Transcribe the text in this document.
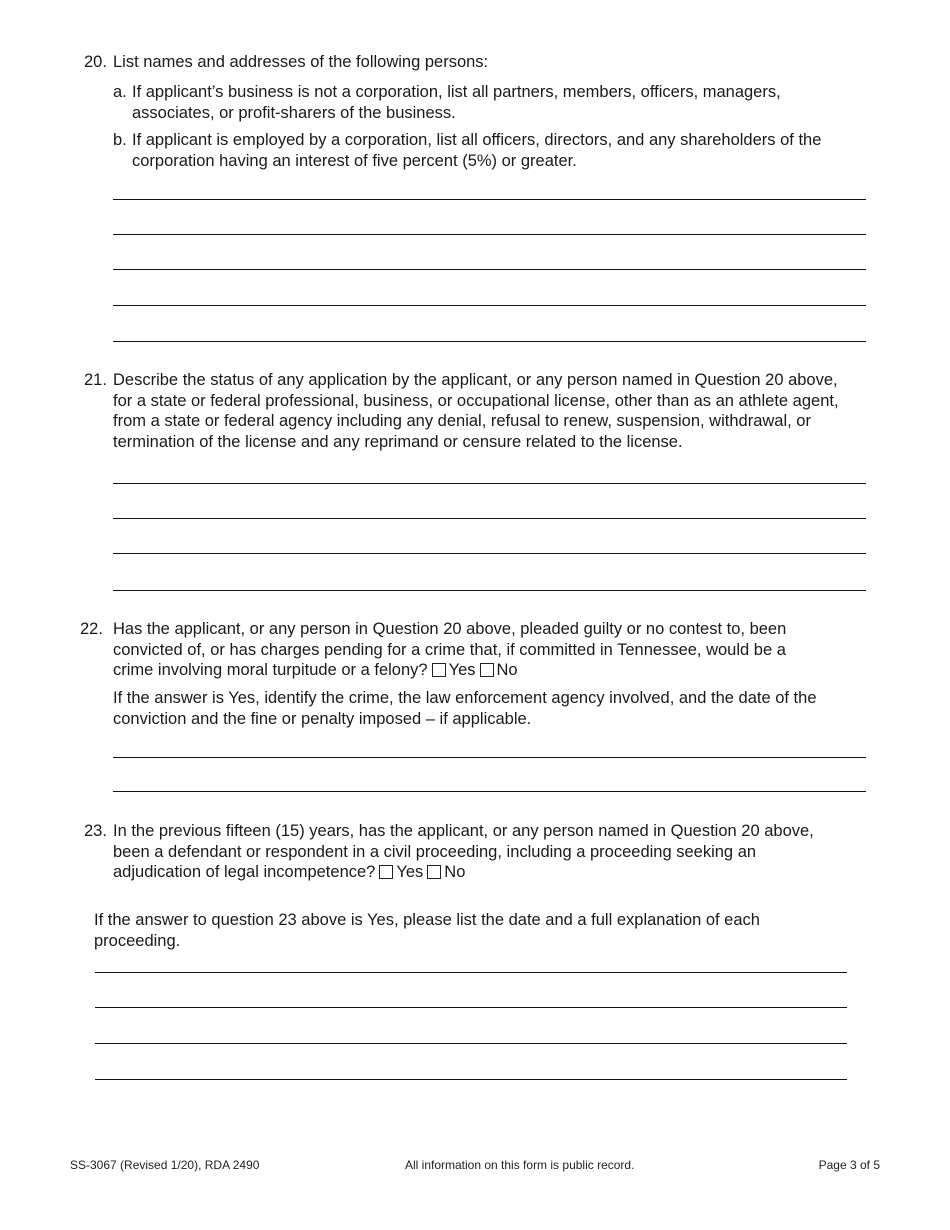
20. List names and addresses of the following persons:
a. If applicant’s business is not a corporation, list all partners, members, officers, managers, associates, or profit-sharers of the business.
b. If applicant is employed by a corporation, list all officers, directors, and any shareholders of the corporation having an interest of five percent (5%) or greater.
21. Describe the status of any application by the applicant, or any person named in Question 20 above, for a state or federal professional, business, or occupational license, other than as an athlete agent, from a state or federal agency including any denial, refusal to renew, suspension, withdrawal, or termination of the license and any reprimand or censure related to the license.
22. Has the applicant, or any person in Question 20 above, pleaded guilty or no contest to, been convicted of, or has charges pending for a crime that, if committed in Tennessee, would be a crime involving moral turpitude or a felony? Yes No
If the answer is Yes, identify the crime, the law enforcement agency involved, and the date of the conviction and the fine or penalty imposed – if applicable.
23. In the previous fifteen (15) years, has the applicant, or any person named in Question 20 above, been a defendant or respondent in a civil proceeding, including a proceeding seeking an adjudication of legal incompetence? Yes No
If the answer to question 23 above is Yes, please list the date and a full explanation of each proceeding.
SS-3067 (Revised 1/20), RDA 2490	All information on this form is public record.	Page 3 of 5
